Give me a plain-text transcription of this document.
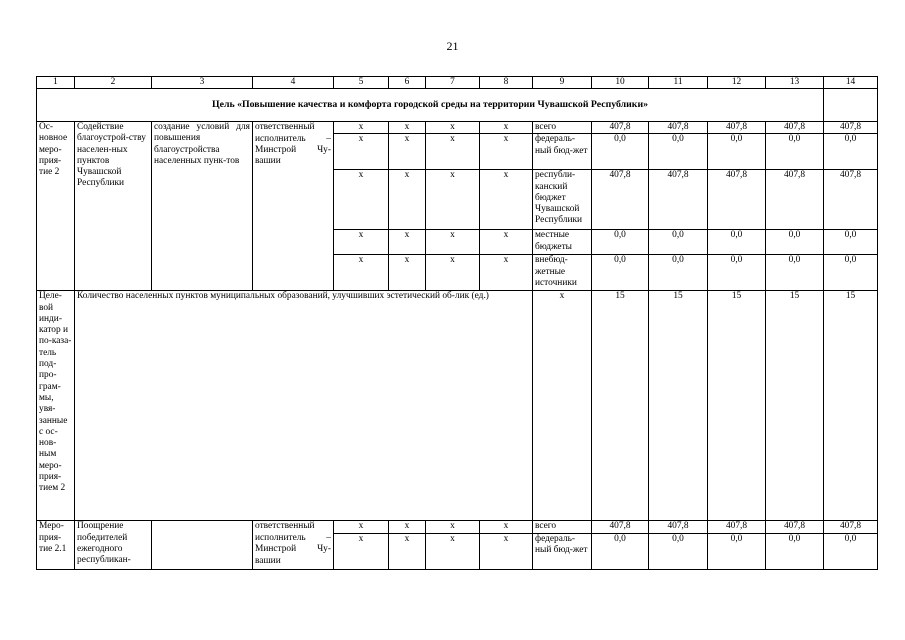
21
1	2	3	4	5	6	7	8	9	10	11	12	13	14
Цель «Повышение качества и комфорта городской среды на территории Чувашской Республики»													
Ос-новное меро-прия-тие 2	Содействие благоустрой-ству населен-ных пунктов Чувашской Республики	создание условий для повышения благоустройства населенных пунк-тов	ответственный	x	x	x	x	всего	407,8	407,8	407,8	407,8	407,8
			исполнитель – Минстрой Чу-вашии	x	x	x	x	федераль-ный бюд-жет	0,0	0,0	0,0	0,0	0,0
				x	x	x	x	республи-канский бюджет Чувашской Республики	407,8	407,8	407,8	407,8	407,8
				x	x	x	x	местные бюджеты	0,0	0,0	0,0	0,0	0,0
				x	x	x	x	внебюд-жетные источники	0,0	0,0	0,0	0,0	0,0
Целе-вой инди-катор и по-каза-тель под-про-грам-мы, увя-занные с ос-нов-ным меро-прия-тием 2	Количество населенных пунктов муниципальных образований, улучшивших эстетический об-лик (ед.)							x	15	15	15	15	15
Меро-прия-тие 2.1	Поощрение победителей ежегодного республикан-		ответственный	x	x	x	x	всего	407,8	407,8	407,8	407,8	407,8
			исполнитель – Минстрой Чу-вашии	x	x	x	x	федераль-ный бюд-жет	0,0	0,0	0,0	0,0	0,0
